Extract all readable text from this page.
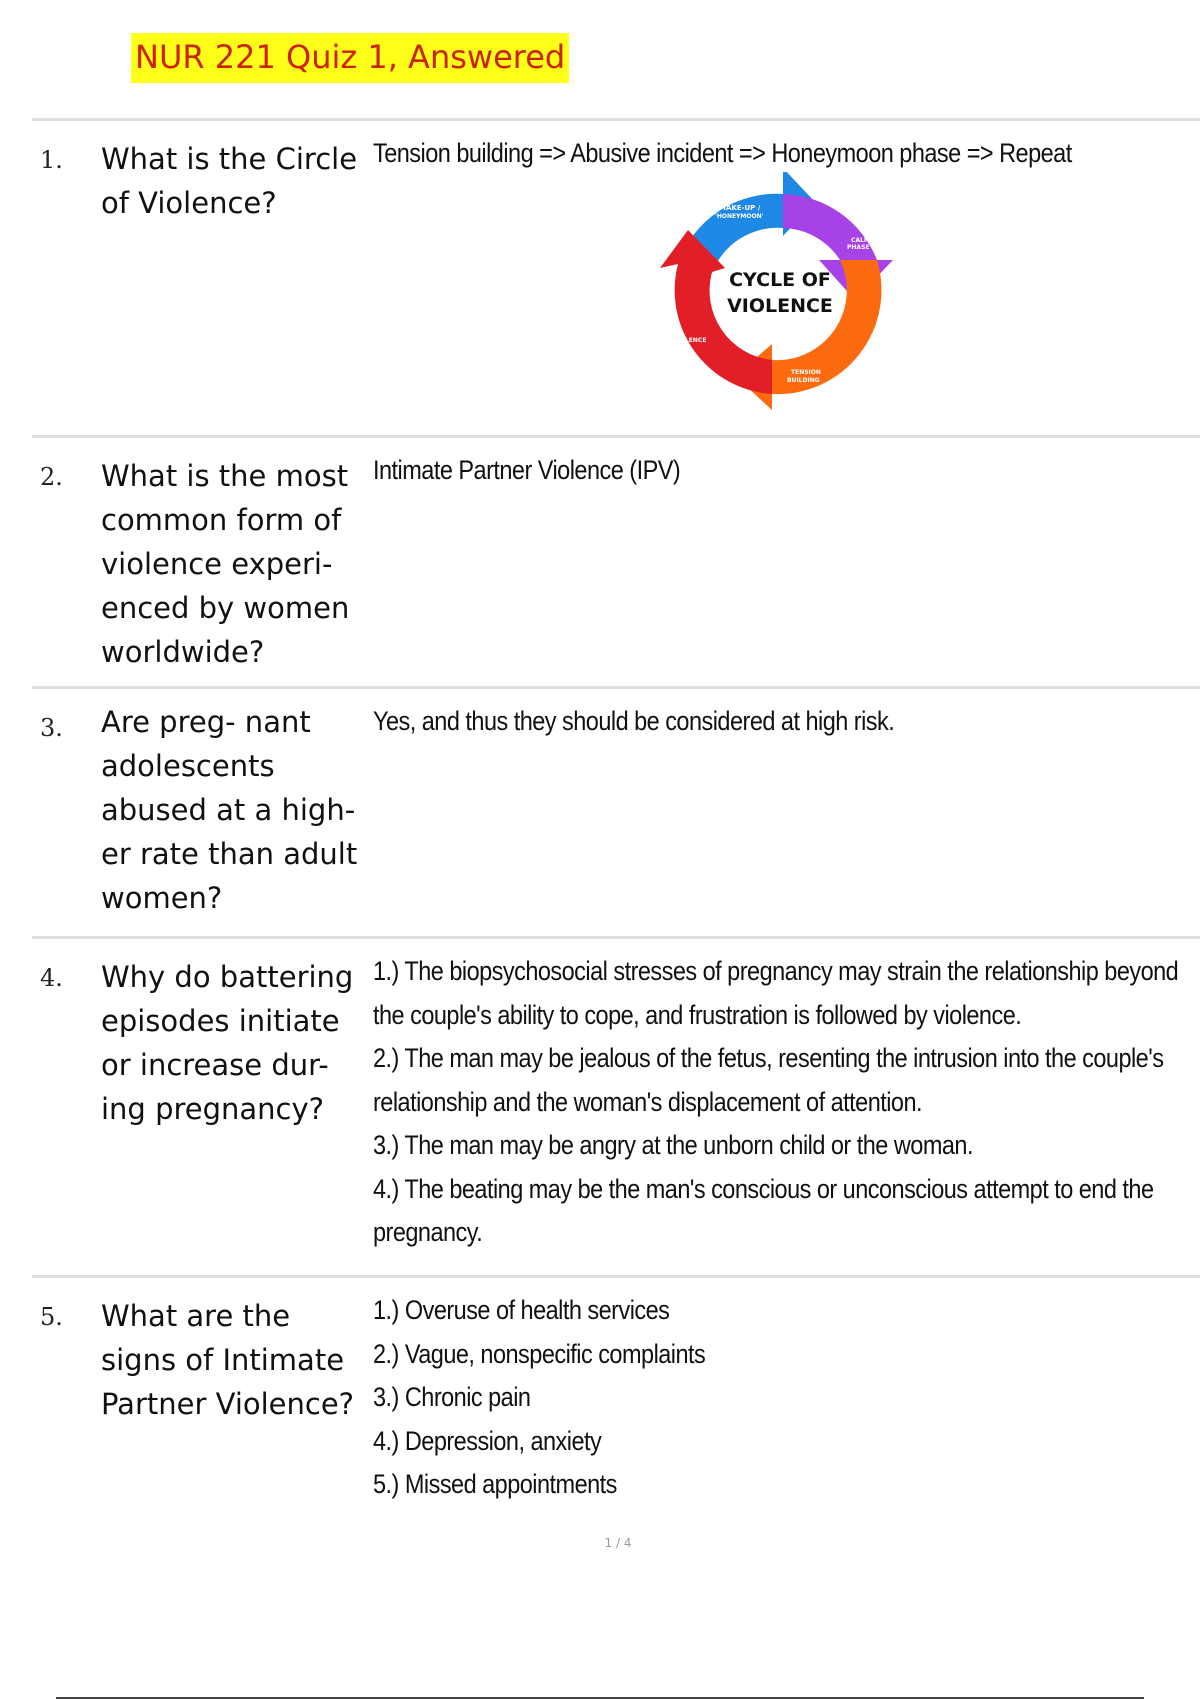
NUR 221 Quiz 1, Answered
1.	What is the Circle of Violence?

Tension building => Abusive incident => Honeymoon phase => Repeat

MAKE-UP /
'HONEYMOON'
CALM
PHASE
TENSION
BUILDING
VIOLENCE
CYCLE OF
VIOLENCE
2.	What is the most common form of violence experi- enced by women worldwide?

Intimate Partner Violence (IPV)

3.	Are preg- nant adolescents abused at a high- er rate than adult women?

Yes, and thus they should be considered at high risk.

4.	Why do battering episodes initiate or increase dur- ing pregnancy?

1.) The biopsychosocial stresses of pregnancy may strain the relationship beyond
the couple's ability to cope, and frustration is followed by violence.
2.) The man may be jealous of the fetus, resenting the intrusion into the couple's
relationship and the woman's displacement of attention.
3.) The man may be angry at the unborn child or the woman.
4.) The beating may be the man's conscious or unconscious attempt to end the
pregnancy.
5.	What are the signs of Intimate Partner Violence?

1.) Overuse of health services
2.) Vague, nonspecific complaints
3.) Chronic pain
4.) Depression, anxiety
5.) Missed appointments
1 / 4
